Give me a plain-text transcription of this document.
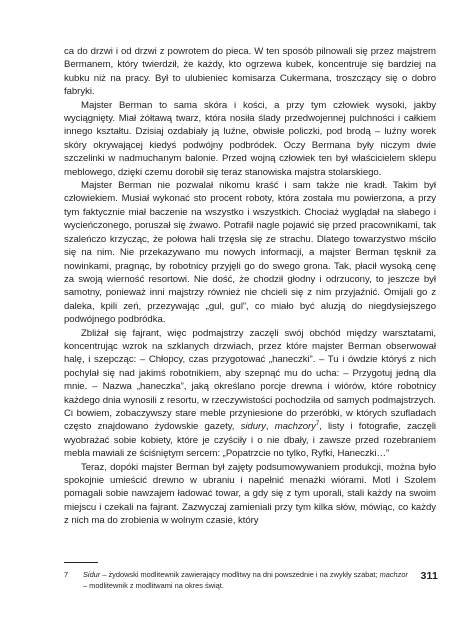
ca do drzwi i od drzwi z powrotem do pieca. W ten sposób pilnowali się przez majstrem Bermanem, który twierdził, że każdy, kto ogrzewa kubek, koncentruje się bardziej na kubku niż na pracy. Był to ulubieniec komisarza Cukermana, troszczący się o dobro fabryki.

Majster Berman to sama skóra i kości, a przy tym człowiek wysoki, jakby wyciągnięty. Miał żółtawą twarz, która nosiła ślady przedwojennej pulchności i całkiem innego kształtu. Dzisiaj ozdabiały ją luźne, obwisłe policzki, pod brodą – luźny worek skóry okrywającej kiedyś podwójny podbródek. Oczy Bermana były niczym dwie szczelinki w nadmuchanym balonie. Przed wojną człowiek ten był właścicielem sklepu meblowego, dzięki czemu dorobił się teraz stanowiska majstra stolarskiego.

Majster Berman nie pozwalał nikomu kraść i sam także nie kradł. Takim był człowiekiem. Musiał wykonać sto procent roboty, która została mu powierzona, a przy tym faktycznie miał baczenie na wszystko i wszystkich. Chociaż wyglądał na słabego i wycieńczonego, poruszał się żwawo. Potrafił nagle pojawić się przed pracownikami, tak szaleńczo krzycząc, że połowa hali trzęsła się ze strachu. Dlatego towarzystwo mściło się na nim. Nie przekazywano mu nowych informacji, a majster Berman tęsknił za nowinkami, pragnąc, by robotnicy przyjęli go do swego grona. Tak, płacił wysoką cenę za swoją wierność resortowi. Nie dość, że chodził głodny i odrzucony, to jeszcze był samotny, ponieważ inni majstrzy również nie chcieli się z nim przyjaźnić. Omijali go z daleka, kpili zeń, przezywając „gul, gul”, co miało być aluzją do niegdysiejszego podwójnego podbródka.

Zbliżał się fajrant, więc podmajstrzy zaczęli swój obchód między warsztatami, koncentrując wzrok na szklanych drzwiach, przez które majster Berman obserwował halę, i szepcząc: – Chłopcy, czas przygotować „haneczki”. – Tu i ówdzie któryś z nich pochylał się nad jakimś robotnikiem, aby szepnąć mu do ucha: – Przygotuj jedną dla mnie. – Nazwa „haneczka”, jaką określano porcje drewna i wiórów, które robotnicy każdego dnia wynosili z resortu, w rzeczywistości pochodziła od samych podmajstrzych. Ci bowiem, zobaczywszy stare meble przyniesione do przeróbki, w których szufladach często znajdowano żydowskie gazety, sidury, machzory$^7$, listy i fotografie, zaczęli wyobrażać sobie kobiety, które je czyściły i o nie dbały, i zawsze przed rozebraniem mebla mawiali ze ściśniętym sercem: „Popatrzcie no tylko, Ryfki, Haneczki…”

Teraz, dopóki majster Berman był zajęty podsumowywaniem produkcji, można było spokojnie umieścić drewno w ubraniu i napełnić menażki wiórami. Motl i Szolem pomagali sobie nawzajem ładować towar, a gdy się z tym uporali, stali każdy na swoim miejscu i czekali na fajrant. Zazwyczaj zamieniali przy tym kilka słów, mówiąc, co każdy z nich ma do zrobienia w wolnym czasie, który

7	Sidur – żydowski modlitewnik zawierający modlitwy na dni powszednie i na zwykły szabat; machzor – modlitewnik z modlitwami na okres świąt.
311
